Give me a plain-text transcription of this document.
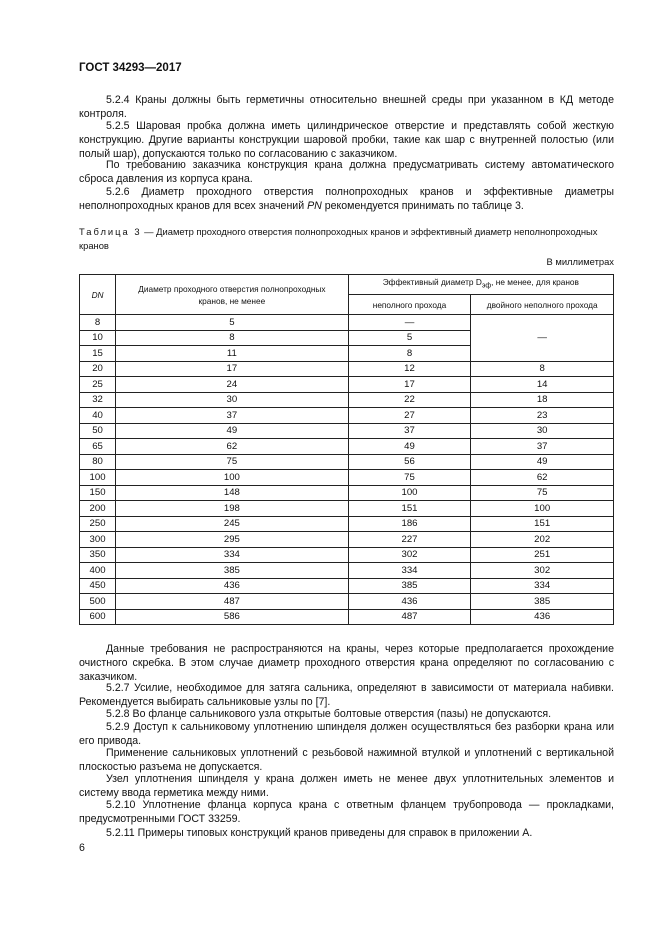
ГОСТ 34293—2017

5.2.4 Краны должны быть герметичны относительно внешней среды при указанном в КД методе контроля.

5.2.5 Шаровая пробка должна иметь цилиндрическое отверстие и представлять собой жесткую конструкцию. Другие варианты конструкции шаровой пробки, такие как шар с внутренней полостью (или полый шар), допускаются только по согласованию с заказчиком.

По требованию заказчика конструкция крана должна предусматривать систему автоматического сброса давления из корпуса крана.

5.2.6 Диаметр проходного отверстия полнопроходных кранов и эффективные диаметры неполнопроходных кранов для всех значений PN рекомендуется принимать по таблице 3.

Таблица 3 — Диаметр проходного отверстия полнопроходных кранов и эффективный диаметр неполнопроходных кранов
В миллиметрах
DN	Диаметр проходного отверстия полнопроходных кранов, не менее	Эффективный диаметр $D_{эф}$, не менее, для кранов	
		неполного прохода	двойного неполного прохода
8	5	—	—
10	8	5	
15	11	8	
20	17	12	8
25	24	17	14
32	30	22	18
40	37	27	23
50	49	37	30
65	62	49	37
80	75	56	49
100	100	75	62
150	148	100	75
200	198	151	100
250	245	186	151
300	295	227	202
350	334	302	251
400	385	334	302
450	436	385	334
500	487	436	385
600	586	487	436

Данные требования не распространяются на краны, через которые предполагается прохождение очистного скребка. В этом случае диаметр проходного отверстия крана определяют по согласованию с заказчиком.

5.2.7 Усилие, необходимое для затяга сальника, определяют в зависимости от материала набивки. Рекомендуется выбирать сальниковые узлы по [7].

5.2.8 Во фланце сальникового узла открытые болтовые отверстия (пазы) не допускаются.

5.2.9 Доступ к сальниковому уплотнению шпинделя должен осуществляться без разборки крана или его привода.

Применение сальниковых уплотнений с резьбовой нажимной втулкой и уплотнений с вертикальной плоскостью разъема не допускается.

Узел уплотнения шпинделя у крана должен иметь не менее двух уплотнительных элементов и систему ввода герметика между ними.

5.2.10 Уплотнение фланца корпуса крана с ответным фланцем трубопровода — прокладками, предусмотренными ГОСТ 33259.

5.2.11 Примеры типовых конструкций кранов приведены для справок в приложении А.

6
